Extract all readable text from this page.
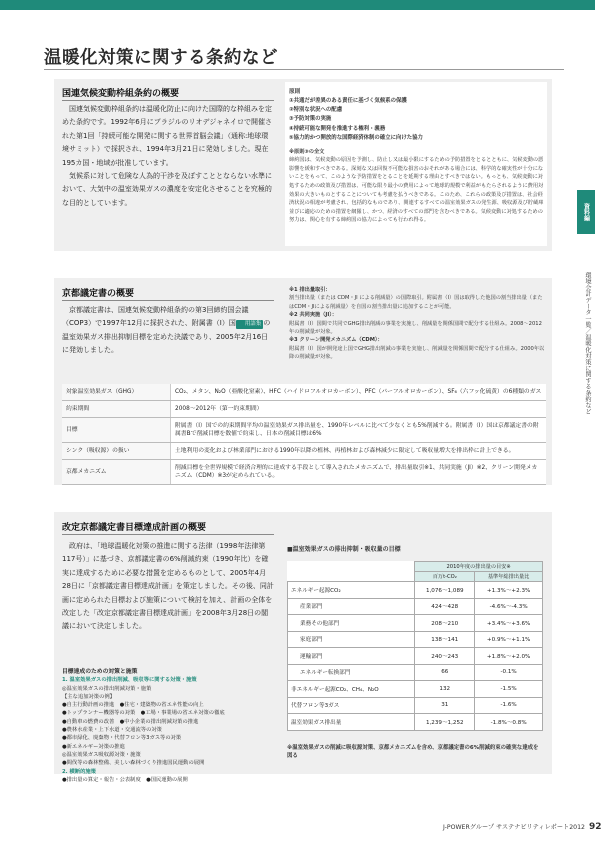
温暖化対策に関する条約など
資料編
環境会計データ一覧／温暖化対策に関する条約など
国連気候変動枠組条約の概要

国連気候変動枠組条約は温暖化防止に向けた国際的な枠組みを定めた条約です。1992年6月にブラジルのリオデジャネイロで開催された第1回「持続可能な開発に関する世界首脳会議」（通称:地球環境サミット）で採択され、1994年3月21日に発効しました。現在195カ国・地域が批准しています。

気候系に対して危険な人為的干渉を及ぼすこととならない水準において、大気中の温室効果ガスの濃度を安定化させることを究極的な目的としています。

原則
①共通だが差異のある責任に基づく気候系の保護
②特別な状況への配慮
③予防対策の実施
④持続可能な開発を推進する権利・義務
⑤協力的かつ開放的な国際経済体制の確立に向けた協力
※原則③の全文
締約国は、気候変動の原因を予測し、防止し又は最小限にするための予防措置をとるとともに、気候変動の悪影響を緩和すべきである。深刻な又は回復不可能な損害のおそれがある場合には、科学的な確実性が十分にないことをもって、このような予防措置をとることを延期する理由とすべきではない。もっとも、気候変動に対処するための政策及び措置は、可能な限り最小の費用によって地球的規模で利益がもたらされるように費用対効果の大きいものとすることについても考慮を払うべきである。このため、これらの政策及び措置は、社会経済状況の相違が考慮され、包括的なものであり、関連するすべての温室効果ガスの発生源、吸収源及び貯蔵庫並びに適応のための措置を網羅し、かつ、経済のすべての部門を含むべきである。気候変動に対処するための努力は、関心を有する締約国の協力によっても行われ得る。
京都議定書の概要

京都議定書は、国連気候変動枠組条約の第3回締約国会議（COP3）で1997年12月に採択された、附属書（Ⅰ）国 用語集 の温室効果ガス排出抑制目標を定めた決議であり、2005年2月16日に発効しました。

※1 排出量取引：
割当排出量（または CDM・JI による削減量）の国際取引。附属書（Ⅰ）国は取得した他国の割当排出量（またはCDM・JIによる削減量）を自国の割当排出量に追加することが可能。
※2 共同実施（JI）：
附属書（Ⅰ）国間で共同でGHG排出削減の事業を実施し、削減量を関係国間で配分する仕組み。2008～2012年の削減量が対象。
※3 クリーン開発メカニズム（CDM）：
附属書（Ⅰ）国が開発途上国でGHG排出削減の事業を実施し、削減量を関係国間で配分する仕組み。2000年以降の削減量が対象。
対象温室効果ガス（GHG）	CO₂、メタン、N₂O（亜酸化窒素）、HFC（ハイドロフルオロカーボン）、PFC（パーフルオロカーボン）、SF₆（六フッ化硫黄）の6種類のガス
約束期間	2008～2012年（第一約束期間）
目標	附属書（Ⅰ）国での約束期間平均の温室効果ガス排出量を、1990年レベルに比べて少なくとも5%削減する。附属書（Ⅰ）国は京都議定書の附属書Bで削減目標を数値で約束し、日本の削減目標は6%
シンク（吸収源）の扱い	土地利用の変化および林業部門における1990年以降の植林、再植林および森林減少に限定して吸収量増大を排出枠に計上できる。
京都メカニズム	削減目標を全世界規模で経済合理的に達成する手段として導入されたメカニズムで、排出量取引※1、共同実施（JI）※2、クリーン開発メカニズム（CDM）※3が定められている。
改定京都議定書目標達成計画の概要

政府は、「地球温暖化対策の推進に関する法律（1998年法律第117号）」に基づき、京都議定書の6%削減約束（1990年比）を確実に達成するために必要な措置を定めるものとして、2005年4月28日に「京都議定書目標達成計画」を策定しました。その後、同計画に定められた目標および施策について検討を加え、計画の全体を改定した「改定京都議定書目標達成計画」を2008年3月28日の閣議において決定しました。

目標達成のための対策と施策
1. 温室効果ガスの排出削減、吸収等に関する対策・施策
◎温室効果ガスの排出削減対策・施策
【主な追加対策の例】
●自主行動計画の推進　●住宅・建築物の省エネ性能の向上
●トップランナー機器等の対策　●工場・事業場の省エネ対策の徹底
●自動車の燃費の改善　●中小企業の排出削減対策の推進
●農林水産業・上下水道・交通流等の対策
●都市緑化、廃棄物・代替フロン等3ガス等の対策
●新エネルギー対策の推進
◎温室効果ガス吸収源対策・施策
●間伐等の森林整備、美しい森林づくり推進国民運動の展開
2. 横断的施策
●排出量の算定・報告・公表制度　●国民運動の展開
■温室効果ガスの排出抑制・吸収量の目標
	2010年度の排出量の目安※	
	百万t-CO₂	基準年総排出量比
エネルギー起源CO₂	1,076～1,089	+1.3%～+2.3%
産業部門	424～428	-4.6%～-4.3%
業務その他部門	208～210	+3.4%～+3.6%
家庭部門	138～141	+0.9%～+1.1%
運輸部門	240～243	+1.8%～+2.0%
エネルギー転換部門	66	-0.1%
非エネルギー起源CO₂、CH₄、N₂O	132	-1.5%
代替フロン等3ガス	31	-1.6%
温室効果ガス排出量	1,239～1,252	-1.8%～0.8%
※温室効果ガスの削減に吸収源対策、京都メカニズムを含め、京都議定書の6%削減約束の確実な達成を図る
J-POWERグループ サステナビリティレポート2012 92
